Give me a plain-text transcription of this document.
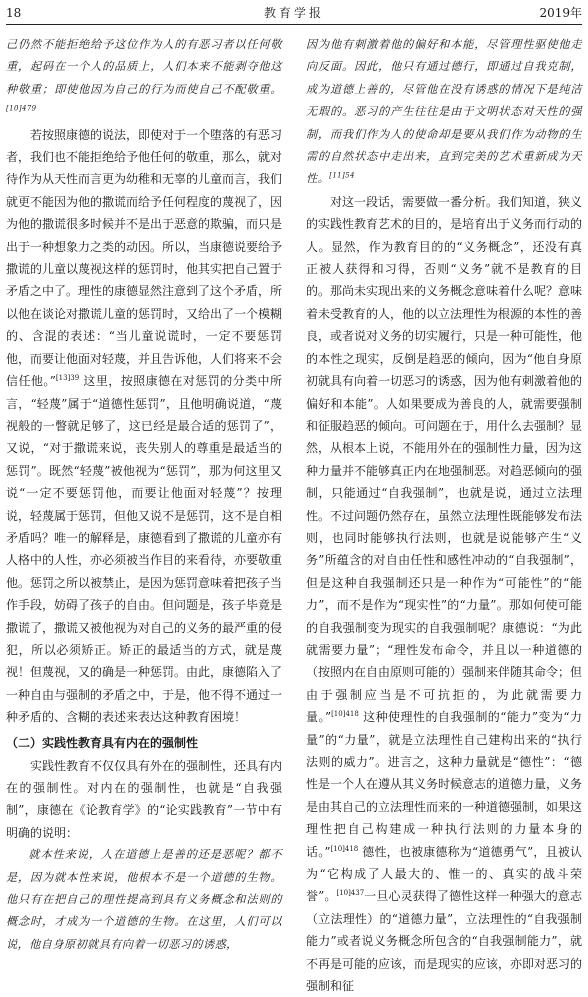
18	教育学报	2019年

己仍然不能拒绝给予这位作为人的有恶习者以任何敬重，起码在一个人的品质上，人们本来不能剥夺他这种敬重；即使他因为自己的行为而使自己不配敬重。$^{[10]479}$

若按照康德的说法，即使对于一个堕落的有恶习者，我们也不能拒绝给予他任何的敬重，那么，就对待作为从天性而言更为幼稚和无辜的儿童而言，我们就更不能因为他的撒谎而给予任何程度的蔑视了，因为他的撒谎很多时候并不是出于恶意的欺骗，而只是出于一种想象力之类的动因。所以，当康德说要给予撒谎的儿童以蔑视这样的惩罚时，他其实把自己置于矛盾之中了。理性的康德显然注意到了这个矛盾，所以他在谈论对撒谎儿童的惩罚时，又给出了一个模糊的、含混的表述：“当儿童说谎时，一定不要惩罚他，而要让他面对轻蔑，并且告诉他，人们将来不会信任他。”$^{[13]39}$ 这里，按照康德在对惩罚的分类中所言，“轻蔑”属于“道德性惩罚”，且他明确说道，“蔑视般的一瞥就足够了，这已经是最合适的惩罚了”，又说，“对于撒谎来说，丧失别人的尊重是最适当的惩罚”。既然“轻蔑”被他视为“惩罚”，那为何这里又说“一定不要惩罚他，而要让他面对轻蔑”？按理说，轻蔑属于惩罚，但他又说不是惩罚，这不是自相矛盾吗？唯一的解释是，康德看到了撒谎的儿童亦有人格中的人性，亦必须被当作目的来看待，亦要敬重他。惩罚之所以被禁止，是因为惩罚意味着把孩子当作手段，妨碍了孩子的自由。但问题是，孩子毕竟是撒谎了，撒谎又被他视为对自己的义务的最严重的侵犯，所以必须矫正。矫正的最适当的方式，就是蔑视！但蔑视，又的确是一种惩罚。由此，康德陷入了一种自由与强制的矛盾之中，于是，他不得不通过一种矛盾的、含糊的表述来表达这种教育困境！

（二）实践性教育具有内在的强制性

实践性教育不仅仅具有外在的强制性，还具有内在的强制性。对内在的强制性，也就是“自我强制”，康德在《论教育学》的“论实践教育”一节中有明确的说明：

就本性来说，人在道德上是善的还是恶呢？都不是，因为就本性来说，他根本不是一个道德的生物。他只有在把自己的理性提高到具有义务概念和法则的概念时，才成为一个道德的生物。在这里，人们可以说，他自身原初就具有向着一切恶习的诱惑，

因为他有刺激着他的偏好和本能，尽管理性驱使他走向反面。因此，他只有通过德行，即通过自我克制，成为道德上善的，尽管他在没有诱惑的情况下是纯洁无瑕的。恶习的产生往往是由于文明状态对天性的强制，而我们作为人的使命却是要从我们作为动物的生需的自然状态中走出来，直到完美的艺术重新成为天性。$^{[11]54}$

对这一段话，需要做一番分析。我们知道，狭义的实践性教育艺术的目的，是培育出于义务而行动的人。显然，作为教育目的的“义务概念”，还没有真正被人获得和习得，否则“义务”就不是教育的目的。那尚未实现出来的义务概念意味着什么呢？意味着未受教育的人，他的以立法理性为根源的本性的善良，或者说对义务的切实履行，只是一种可能性，他的本性之现实，反倒是趋恶的倾向，因为“他自身原初就具有向着一切恶习的诱惑，因为他有刺激着他的偏好和本能”。人如果要成为善良的人，就需要强制和征服趋恶的倾向。可问题在于，用什么去强制？显然，从根本上说，不能用外在的强制性力量，因为这种力量并不能够真正内在地强制恶。对趋恶倾向的强制，只能通过“自我强制”，也就是说，通过立法理性。不过问题仍然存在，虽然立法理性既能够发布法则，也同时能够执行法则，也就是说能够产生“义务”所蕴含的对自由任性和感性冲动的“自我强制”，但是这种自我强制还只是一种作为“可能性”的“能力”，而不是作为“现实性”的“力量”。那如何使可能的自我强制变为现实的自我强制呢？康德说：“为此就需要力量”；“理性发布命令，并且以一种道德的（按照内在自由原则可能的）强制来伴随其命令；但由于强制应当是不可抗拒的，为此就需要力量。”$^{[10]418}$ 这种使理性的自我强制的“能力”变为“力量”的“力量”，就是立法理性自己建构出来的“执行法则的威力”。进言之，这种力量就是“德性”：“德性是一个人在遵从其义务时候意志的道德力量，义务是由其自己的立法理性而来的一种道德强制，如果这理性把自己构建成一种执行法则的力量本身的话。”$^{[10]418}$ 德性，也被康德称为“道德勇气”，且被认为“它构成了人最大的、惟一的、真实的战斗荣誉”。$^{[10]437}$一旦心灵获得了德性这样一种强大的意志（立法理性）的“道德力量”，立法理性的“自我强制能力”或者说义务概念所包含的“自我强制能力”，就不再是可能的应该，而是现实的应该，亦即对恶习的强制和征
